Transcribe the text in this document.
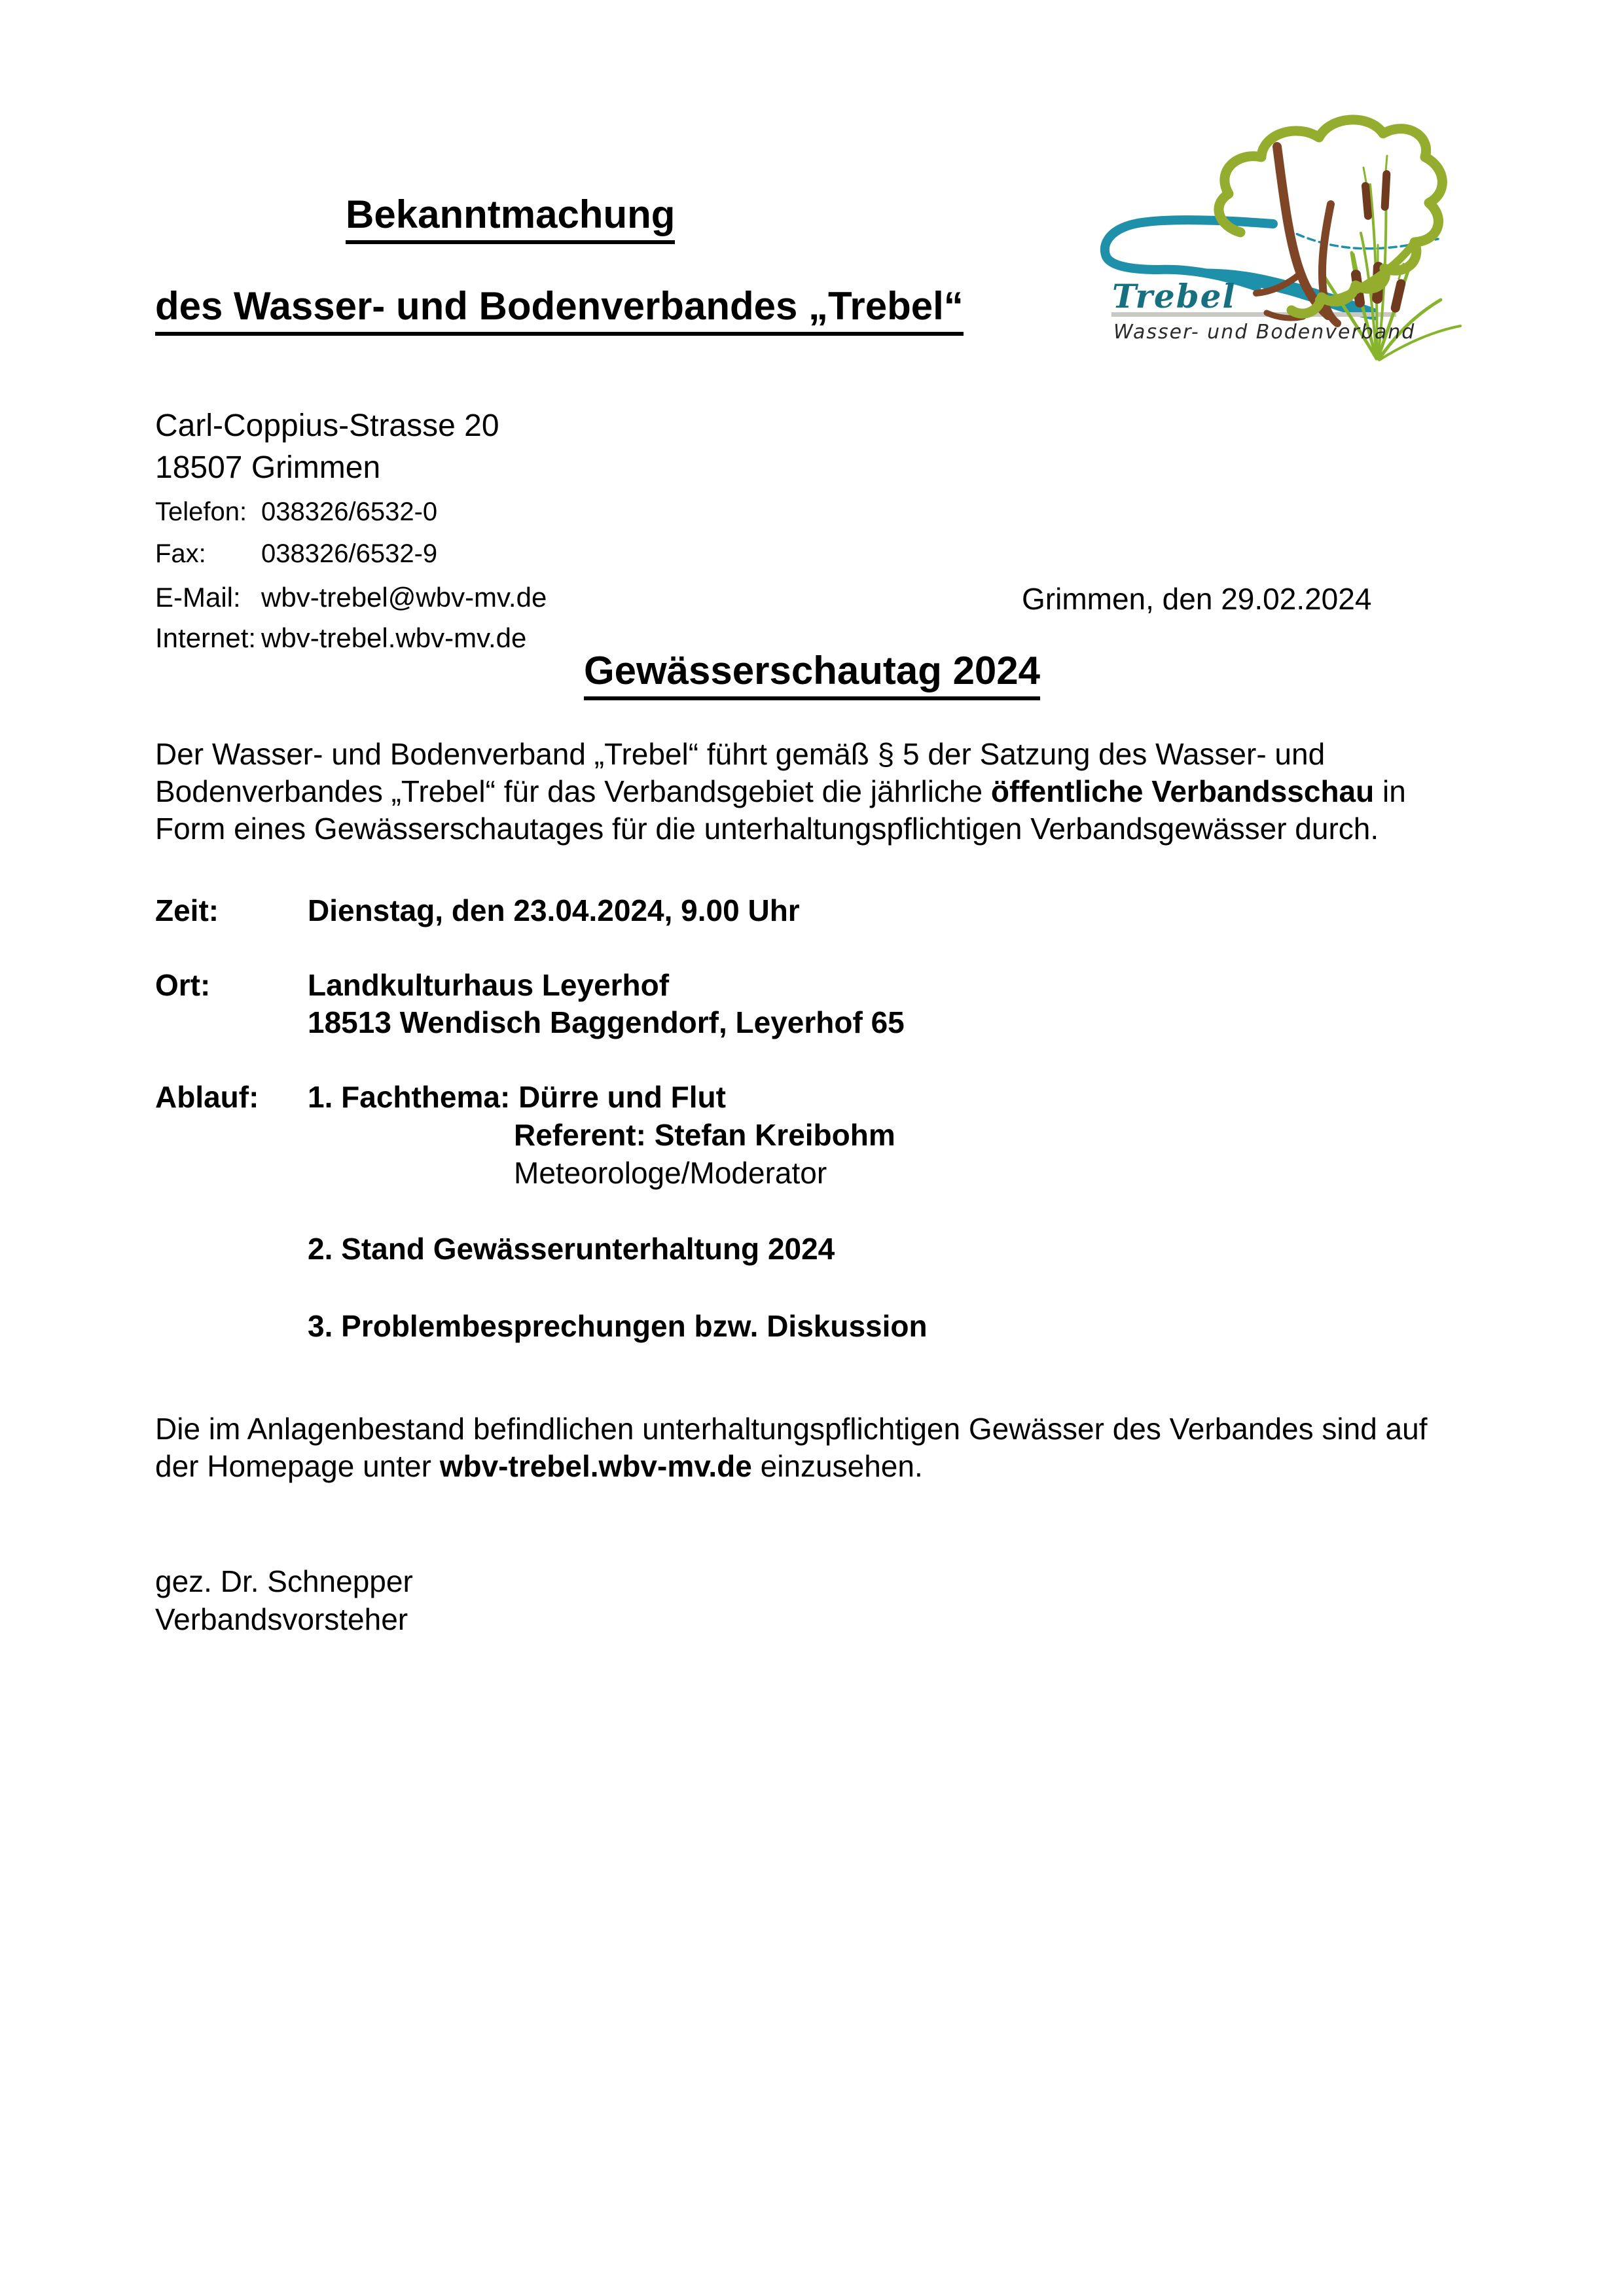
Bekanntmachung
des Wasser- und Bodenverbandes „Trebel“	Trebel
Wasser- und Bodenverband
Carl-Coppius-Strasse 20
18507 Grimmen
Telefon: 038326/6532-0
Fax: 038326/6532-9
E-Mail: wbv-trebel@wbv-mv.de
Internet: wbv-trebel.wbv-mv.de
Grimmen, den 29.02.2024
Gewässerschautag 2024
Der Wasser- und Bodenverband „Trebel“ führt gemäß § 5 der Satzung des Wasser- und
Bodenverbandes „Trebel“ für das Verbandsgebiet die jährliche öffentliche Verbandsschau in
Form eines Gewässerschautages für die unterhaltungspflichtigen Verbandsgewässer durch.
Zeit:	Dienstag, den 23.04.2024, 9.00 Uhr
Ort:	Landkulturhaus Leyerhof
18513 Wendisch Baggendorf, Leyerhof 65
Ablauf:	1. Fachthema: Dürre und Flut
Referent: Stefan Kreibohm
Meteorologe/Moderator
2. Stand Gewässerunterhaltung 2024
3. Problembesprechungen bzw. Diskussion
Die im Anlagenbestand befindlichen unterhaltungspflichtigen Gewässer des Verbandes sind auf
der Homepage unter wbv-trebel.wbv-mv.de einzusehen.
gez. Dr. Schnepper
Verbandsvorsteher
